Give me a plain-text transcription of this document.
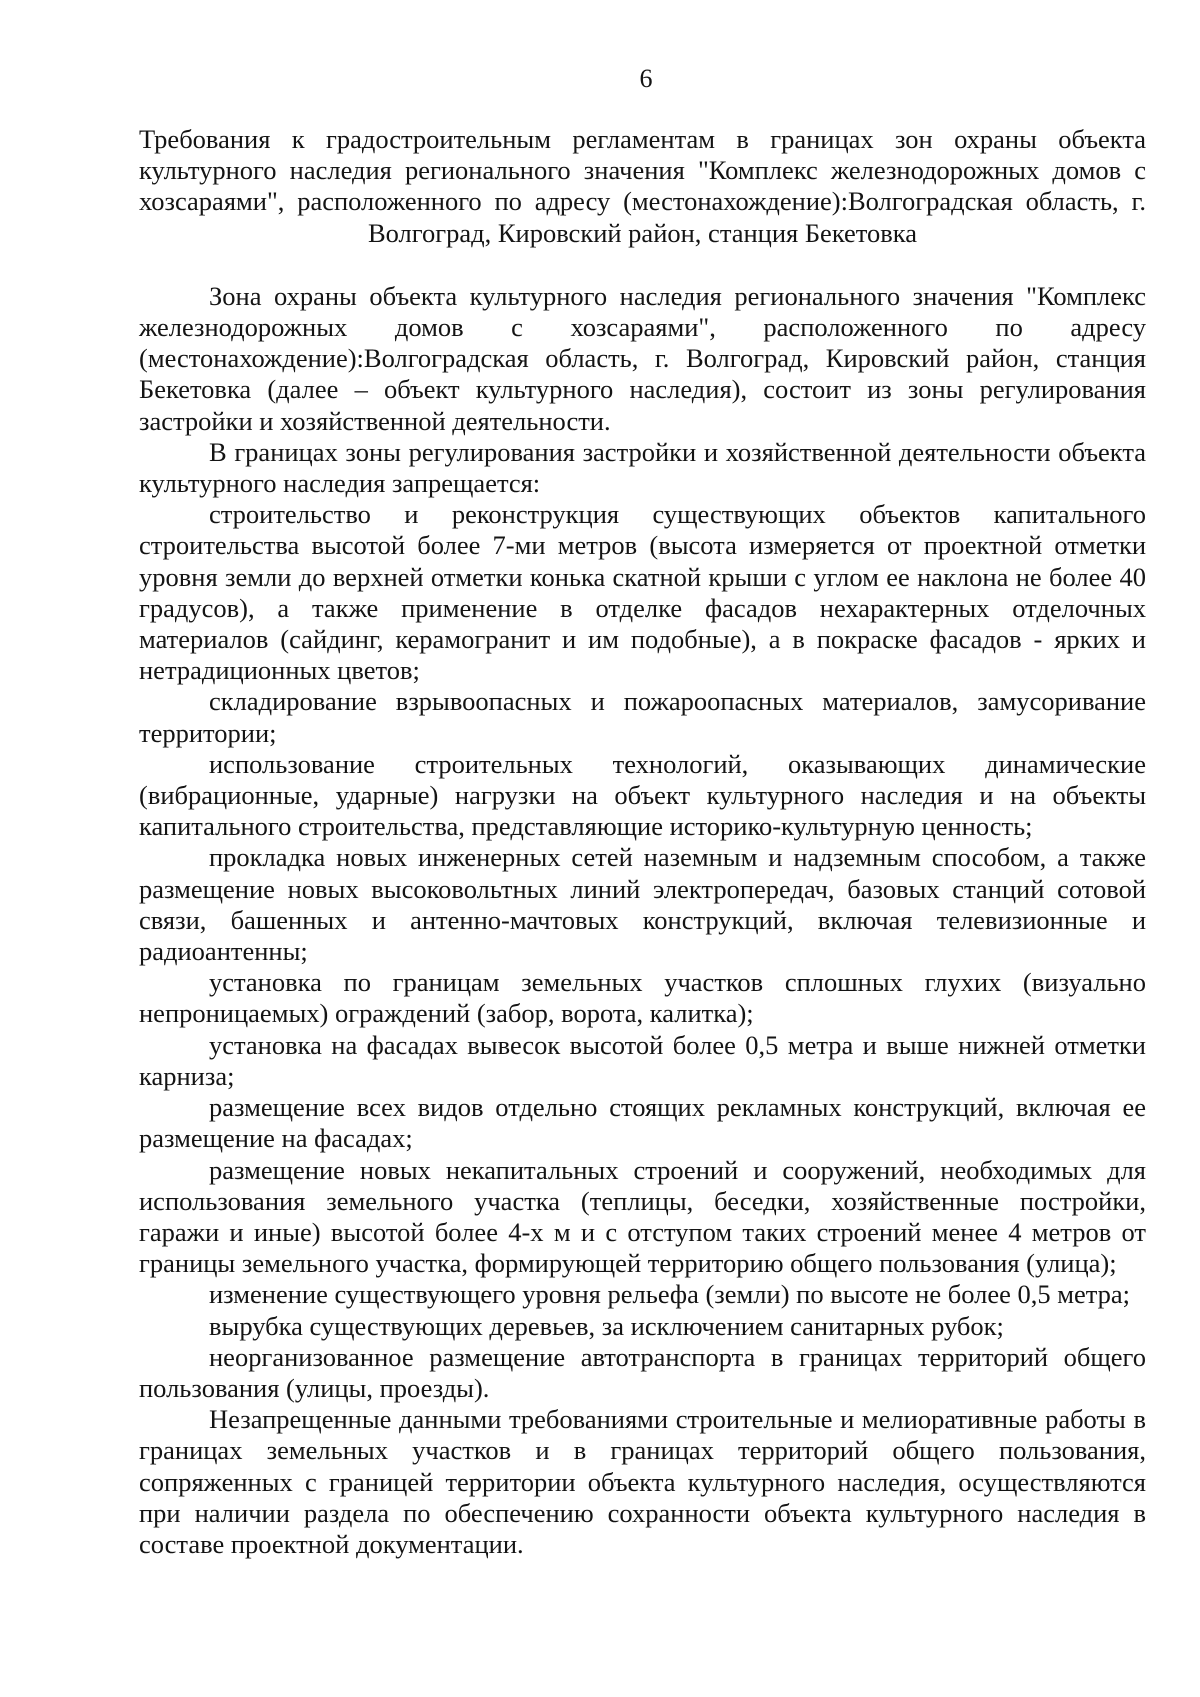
6

Требования к градостроительным регламентам в границах зон охраны объекта культурного наследия регионального значения "Комплекс железнодорожных домов с хозсараями", расположенного по адресу (местонахождение):Волгоградская область, г. Волгоград, Кировский район, станция Бекетовка

Зона охраны объекта культурного наследия регионального значения "Комплекс железнодорожных домов с хозсараями", расположенного по адресу (местонахождение):Волгоградская область, г. Волгоград, Кировский район, станция Бекетовка (далее – объект культурного наследия), состоит из зоны регулирования застройки и хозяйственной деятельности.

В границах зоны регулирования застройки и хозяйственной деятельности объекта культурного наследия запрещается:

строительство и реконструкция существующих объектов капитального строительства высотой более 7-ми метров (высота измеряется от проектной отметки уровня земли до верхней отметки конька скатной крыши с углом ее наклона не более 40 градусов), а также применение в отделке фасадов нехарактерных отделочных материалов (сайдинг, керамогранит и им подобные), а в покраске фасадов - ярких и нетрадиционных цветов;

складирование взрывоопасных и пожароопасных материалов, замусоривание территории;

использование строительных технологий, оказывающих динамические (вибрационные, ударные) нагрузки на объект культурного наследия и на объекты капитального строительства, представляющие историко-культурную ценность;

прокладка новых инженерных сетей наземным и надземным способом, а также размещение новых высоковольтных линий электропередач, базовых станций сотовой связи, башенных и антенно-мачтовых конструкций, включая телевизионные и радиоантенны;

установка по границам земельных участков сплошных глухих (визуально непроницаемых) ограждений (забор, ворота, калитка);

установка на фасадах вывесок высотой более 0,5 метра и выше нижней отметки карниза;

размещение всех видов отдельно стоящих рекламных конструкций, включая ее размещение на фасадах;

размещение новых некапитальных строений и сооружений, необходимых для использования земельного участка (теплицы, беседки, хозяйственные постройки, гаражи и иные) высотой более 4-х м и с отступом таких строений менее 4 метров от границы земельного участка, формирующей территорию общего пользования (улица);

изменение существующего уровня рельефа (земли) по высоте не более 0,5 метра;

вырубка существующих деревьев, за исключением санитарных рубок;

неорганизованное размещение автотранспорта в границах территорий общего пользования (улицы, проезды).

Незапрещенные данными требованиями строительные и мелиоративные работы в границах земельных участков и в границах территорий общего пользования, сопряженных с границей территории объекта культурного наследия, осуществляются при наличии раздела по обеспечению сохранности объекта культурного наследия в составе проектной документации.
